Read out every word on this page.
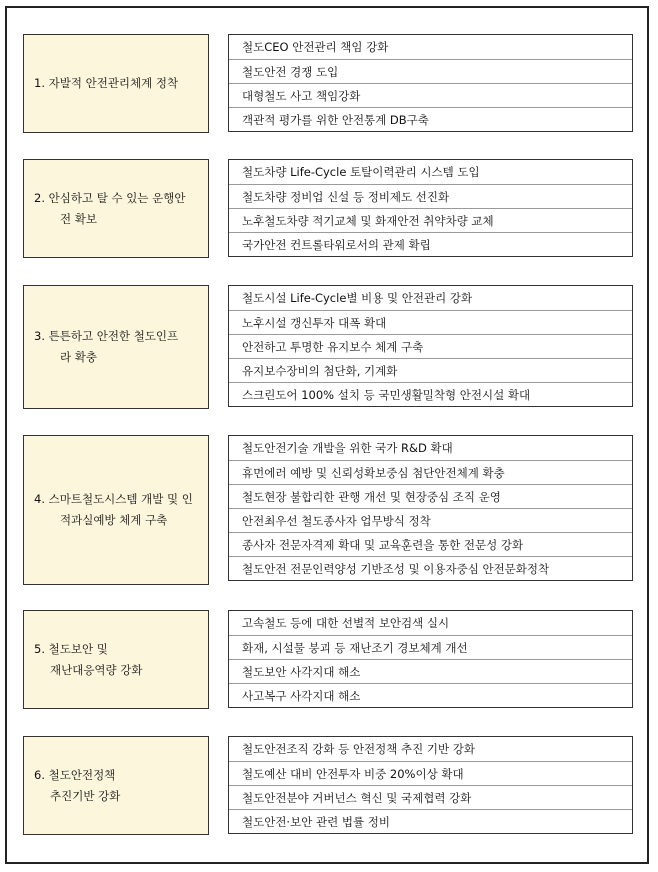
1. 자발적 안전관리체계 정착
철도CEO 안전관리 책임 강화
철도안전 경쟁 도입
대형철도 사고 책임강화
객관적 평가를 위한 안전통계 DB구축
2. 안심하고 탈 수 있는 운행안
전 확보
철도차량 Life-Cycle 토탈이력관리 시스템 도입
철도차량 정비업 신설 등 정비제도 선진화
노후철도차량 적기교체 및 화재안전 취약차량 교체
국가안전 컨트롤타워로서의 관제 확립
3. 튼튼하고 안전한 철도인프
라 확충
철도시설 Life-Cycle별 비용 및 안전관리 강화
노후시설 갱신투자 대폭 확대
안전하고 투명한 유지보수 체계 구축
유지보수장비의 첨단화, 기계화
스크린도어 100% 설치 등 국민생활밀착형 안전시설 확대
4. 스마트철도시스템 개발 및 인
적과실예방 체계 구축
철도안전기술 개발을 위한 국가 R&D 확대
휴먼에러 예방 및 신뢰성확보중심 첨단안전체계 확충
철도현장 불합리한 관행 개선 및 현장중심 조직 운영
안전최우선 철도종사자 업무방식 정착
종사자 전문자격제 확대 및 교육훈련을 통한 전문성 강화
철도안전 전문인력양성 기반조성 및 이용자중심 안전문화정착
5. 철도보안 및
재난대응역량 강화
고속철도 등에 대한 선별적 보안검색 실시
화재, 시설물 붕괴 등 재난조기 경보체계 개선
철도보안 사각지대 해소
사고복구 사각지대 해소
6. 철도안전정책
추진기반 강화
철도안전조직 강화 등 안전정책 추진 기반 강화
철도예산 대비 안전투자 비중 20%이상 확대
철도안전분야 거버넌스 혁신 및 국제협력 강화
철도안전·보안 관련 법률 정비
